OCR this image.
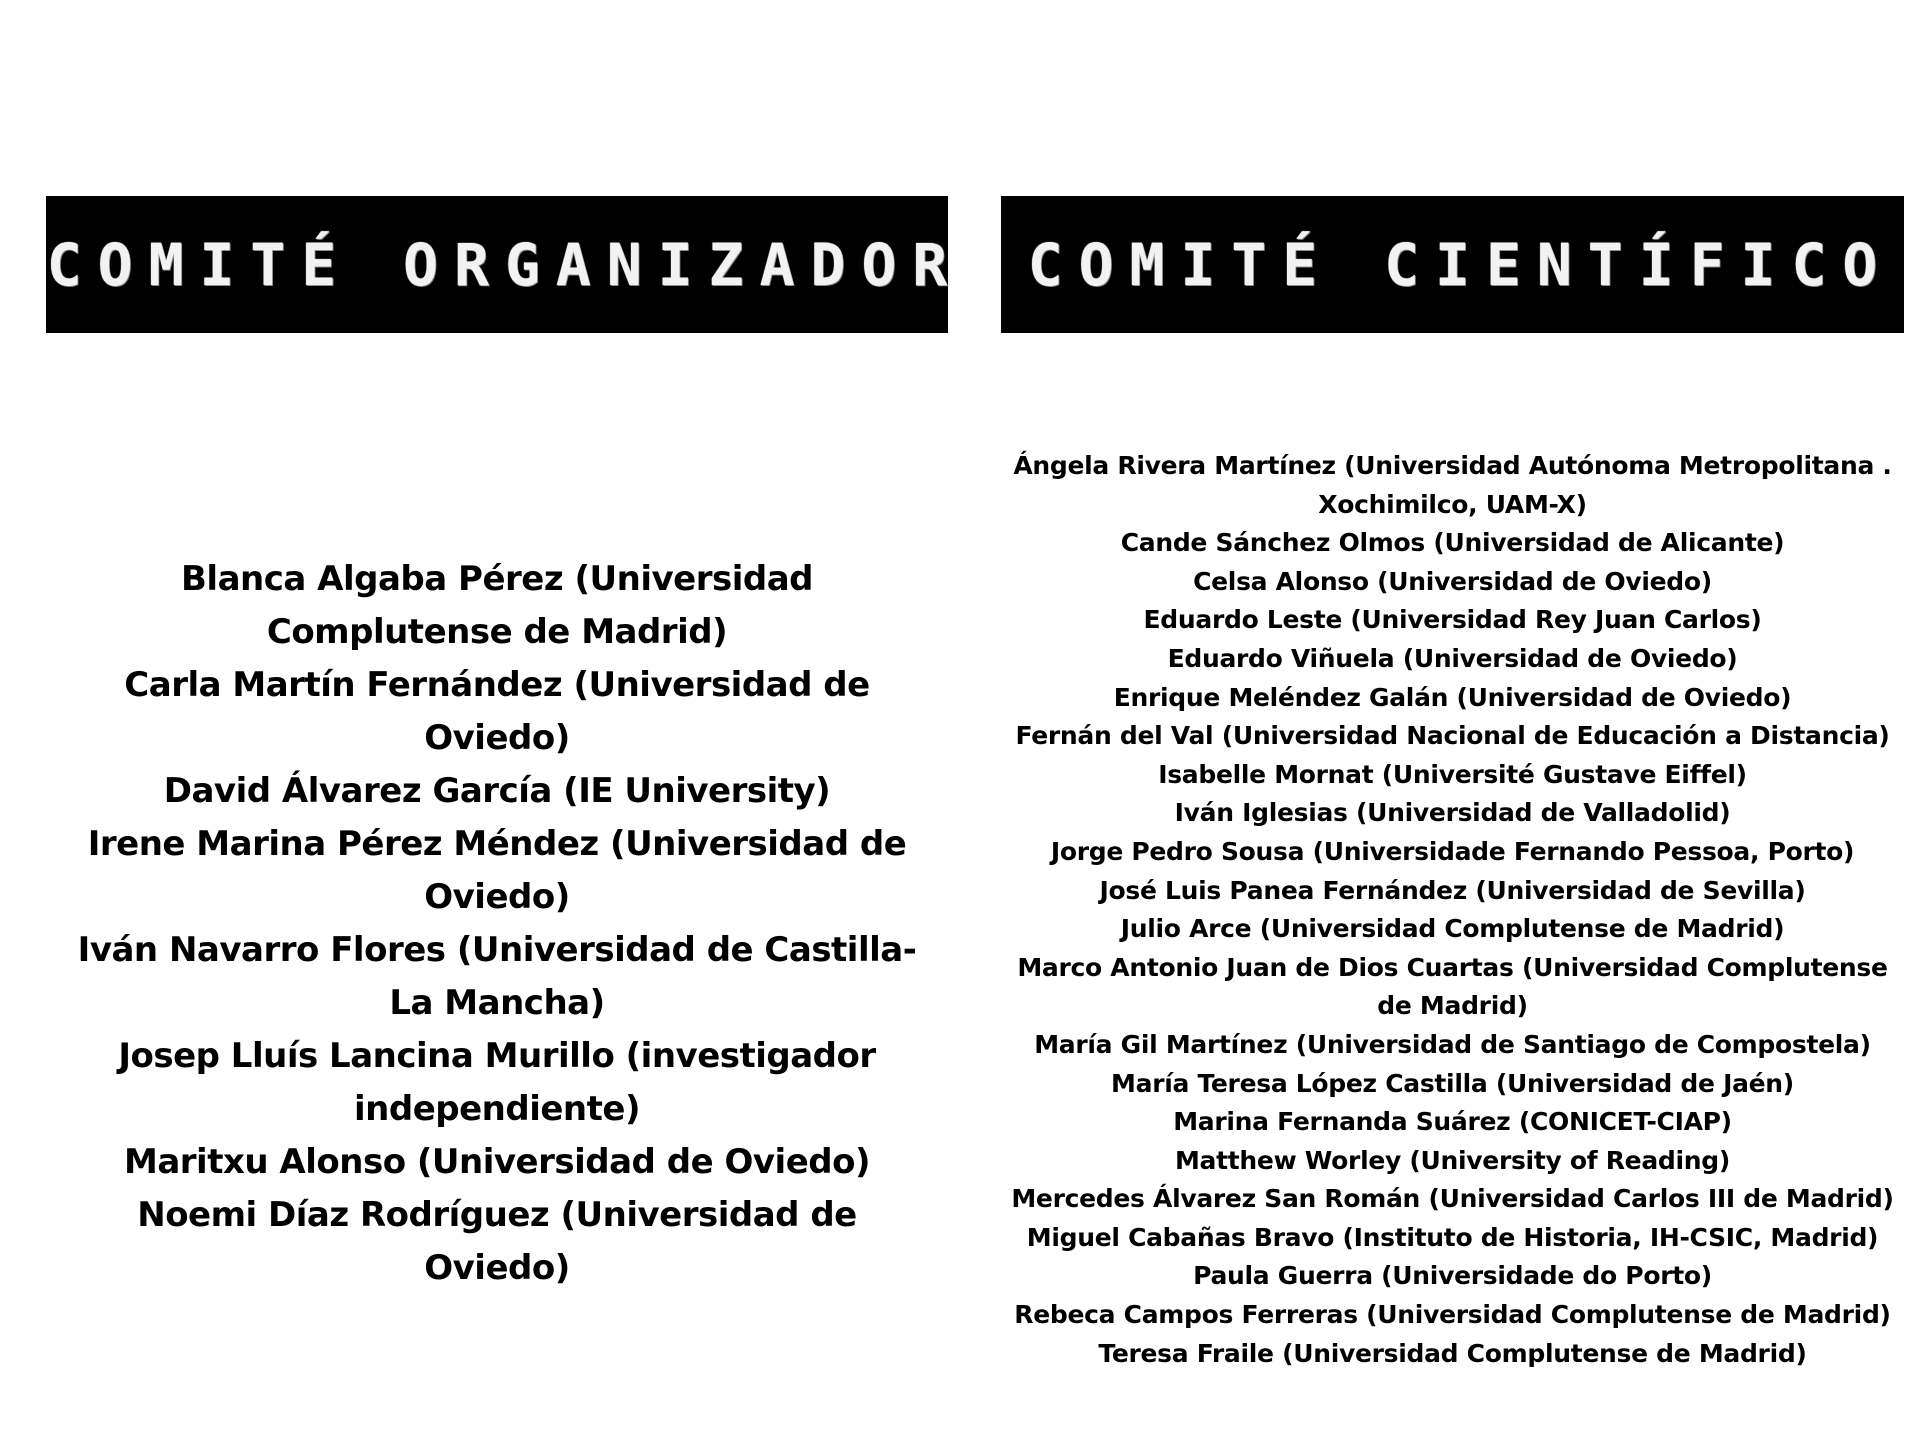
COMITÉ ORGANIZADOR COMITÉ CIENTÍFICO
Blanca Algaba Pérez (Universidad Complutense de Madrid)
Carla Martín Fernández (Universidad de Oviedo)
David Álvarez García (IE University)
Irene Marina Pérez Méndez (Universidad de Oviedo)
Iván Navarro Flores (Universidad de Castilla-La Mancha)
Josep Lluís Lancina Murillo (investigador independiente)
Maritxu Alonso (Universidad de Oviedo)
Noemi Díaz Rodríguez (Universidad de Oviedo)
Ángela Rivera Martínez (Universidad Autónoma Metropolitana . Xochimilco, UAM-X)
Cande Sánchez Olmos (Universidad de Alicante)
Celsa Alonso (Universidad de Oviedo)
Eduardo Leste (Universidad Rey Juan Carlos)
Eduardo Viñuela (Universidad de Oviedo)
Enrique Meléndez Galán (Universidad de Oviedo)
Fernán del Val (Universidad Nacional de Educación a Distancia)
Isabelle Mornat (Université Gustave Eiffel)
Iván Iglesias (Universidad de Valladolid)
Jorge Pedro Sousa (Universidade Fernando Pessoa, Porto)
José Luis Panea Fernández (Universidad de Sevilla)
Julio Arce (Universidad Complutense de Madrid)
Marco Antonio Juan de Dios Cuartas (Universidad Complutense de Madrid)
María Gil Martínez (Universidad de Santiago de Compostela)
María Teresa López Castilla (Universidad de Jaén)
Marina Fernanda Suárez (CONICET-CIAP)
Matthew Worley (University of Reading)
Mercedes Álvarez San Román (Universidad Carlos III de Madrid)
Miguel Cabañas Bravo (Instituto de Historia, IH-CSIC, Madrid)
Paula Guerra (Universidade do Porto)
Rebeca Campos Ferreras (Universidad Complutense de Madrid)
Teresa Fraile (Universidad Complutense de Madrid)
